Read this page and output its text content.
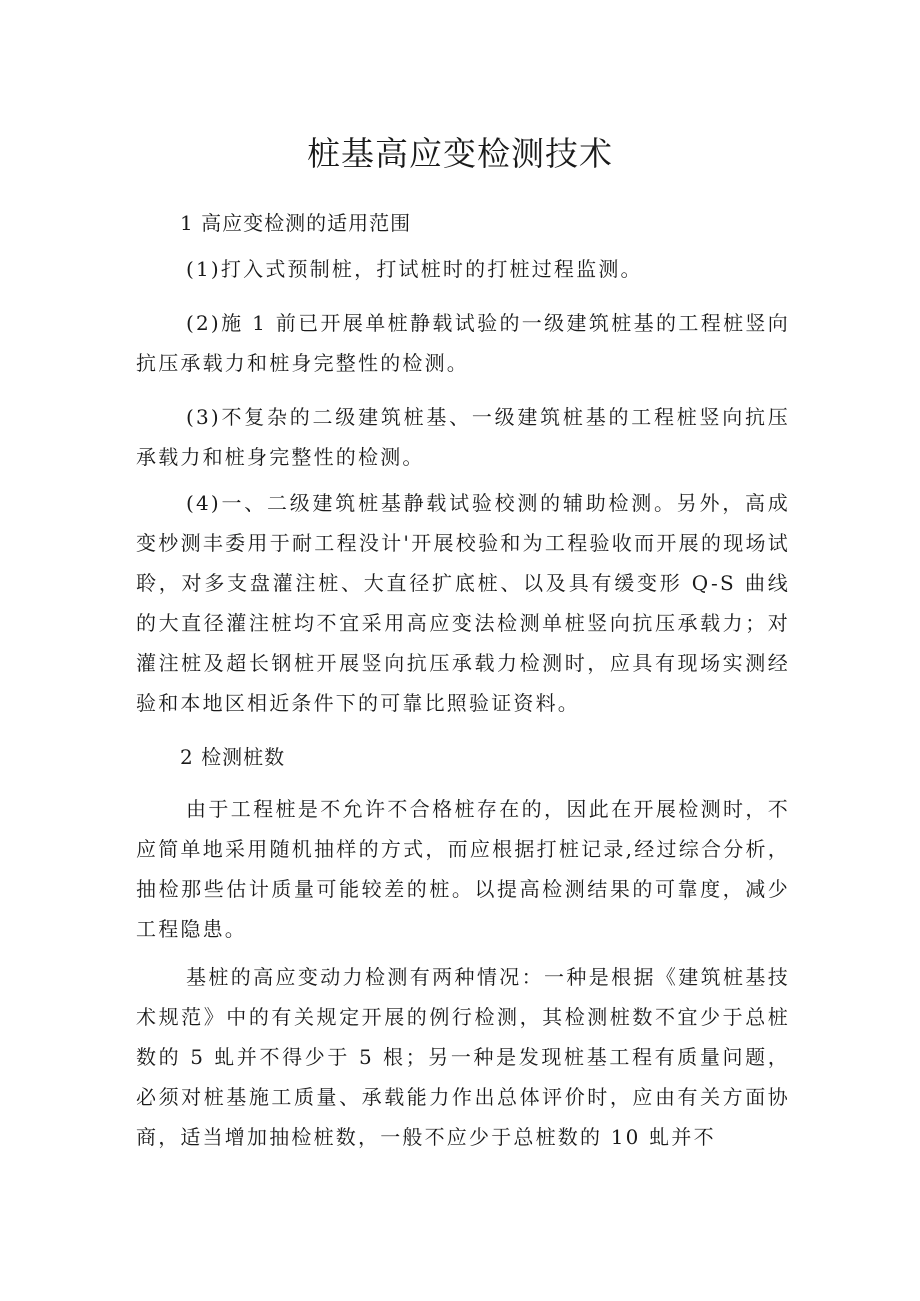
桩基高应变检测技术

1 高应变检测的适用范围

(1)打入式预制桩，打试桩时的打桩过程监测。

(2)施 1 前已开展单桩静载试验的一级建筑桩基的工程桩竖向抗压承载力和桩身完整性的检测。

(3)不复杂的二级建筑桩基、一级建筑桩基的工程桩竖向抗压承载力和桩身完整性的检测。

(4)一、二级建筑桩基静载试验校测的辅助检测。另外，高成变杪测丰委用于耐工程没计'开展校验和为工程验收而开展的现场试聆，对多支盘灌注桩、大直径扩底桩、以及具有缓变形 Q-S 曲线的大直径灌注桩均不宜采用高应变法检测单桩竖向抗压承载力；对灌注桩及超长钢桩开展竖向抗压承载力检测时，应具有现场实测经验和本地区相近条件下的可靠比照验证资料。

2 检测桩数

由于工程桩是不允许不合格桩存在的，因此在开展检测时，不应简单地采用随机抽样的方式，而应根据打桩记录,经过综合分析，抽检那些估计质量可能较差的桩。以提高检测结果的可靠度，减少工程隐患。

基桩的高应变动力检测有两种情况：一种是根据《建筑桩基技术规范》中的有关规定开展的例行检测，其检测桩数不宜少于总桩数的 5 虬并不得少于 5 根；另一种是发现桩基工程有质量问题，必须对桩基施工质量、承载能力作出总体评价时，应由有关方面协商，适当增加抽检桩数，一般不应少于总桩数的 10 虬并不
